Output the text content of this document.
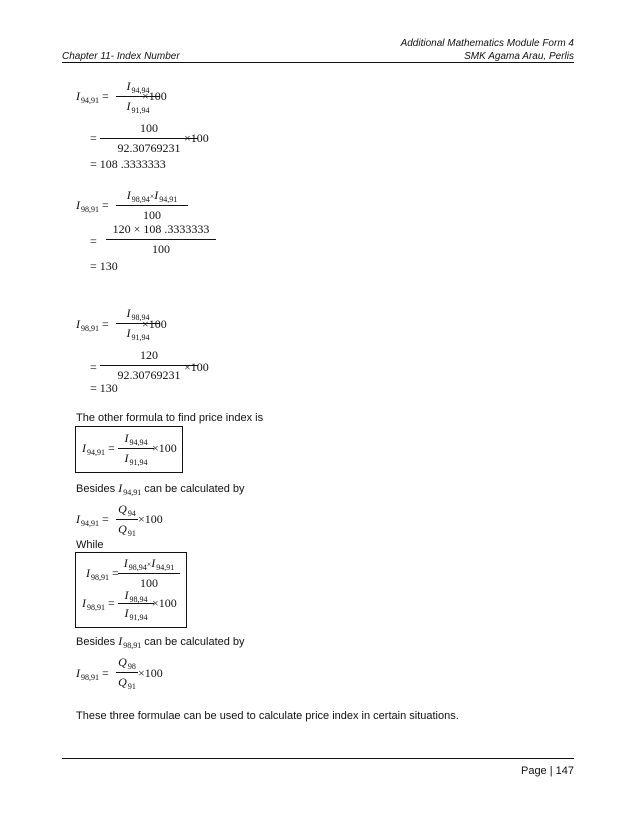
Additional Mathematics Module Form 4
Chapter 11- Index Number	SMK Agama Arau, Perlis
$I_{94,91}$ =
$I_{94,94}$
$I_{91,94}$
×100
=
100
92.30769231
×100
= 108 .3333333
$I_{98,91}$ =
$I_{98,94}\times I_{94,91}$
100
=
120 × 108 .3333333
100
= 130
$I_{98,91}$ =
$I_{98,94}$
$I_{91,94}$
×100
=
120
92.30769231
×100
= 130
The other formula to find price index is
$I_{94,91}$ =
$I_{94,94}$
$I_{91,94}$
×100
Besides $I_{94,91}$ can be calculated by
$I_{94,91}$ =
$Q_{94}$
$Q_{91}$
×100
While
$I_{98,91}$ =
$I_{98,94}\times I_{94,91}$
100
$I_{98,91}$ =
$I_{98,94}$
$I_{91,94}$
×100
Besides $I_{98,91}$ can be calculated by
$I_{98,91}$ =
$Q_{98}$
$Q_{91}$
×100
These three formulae can be used to calculate price index in certain situations.
Page | 147
